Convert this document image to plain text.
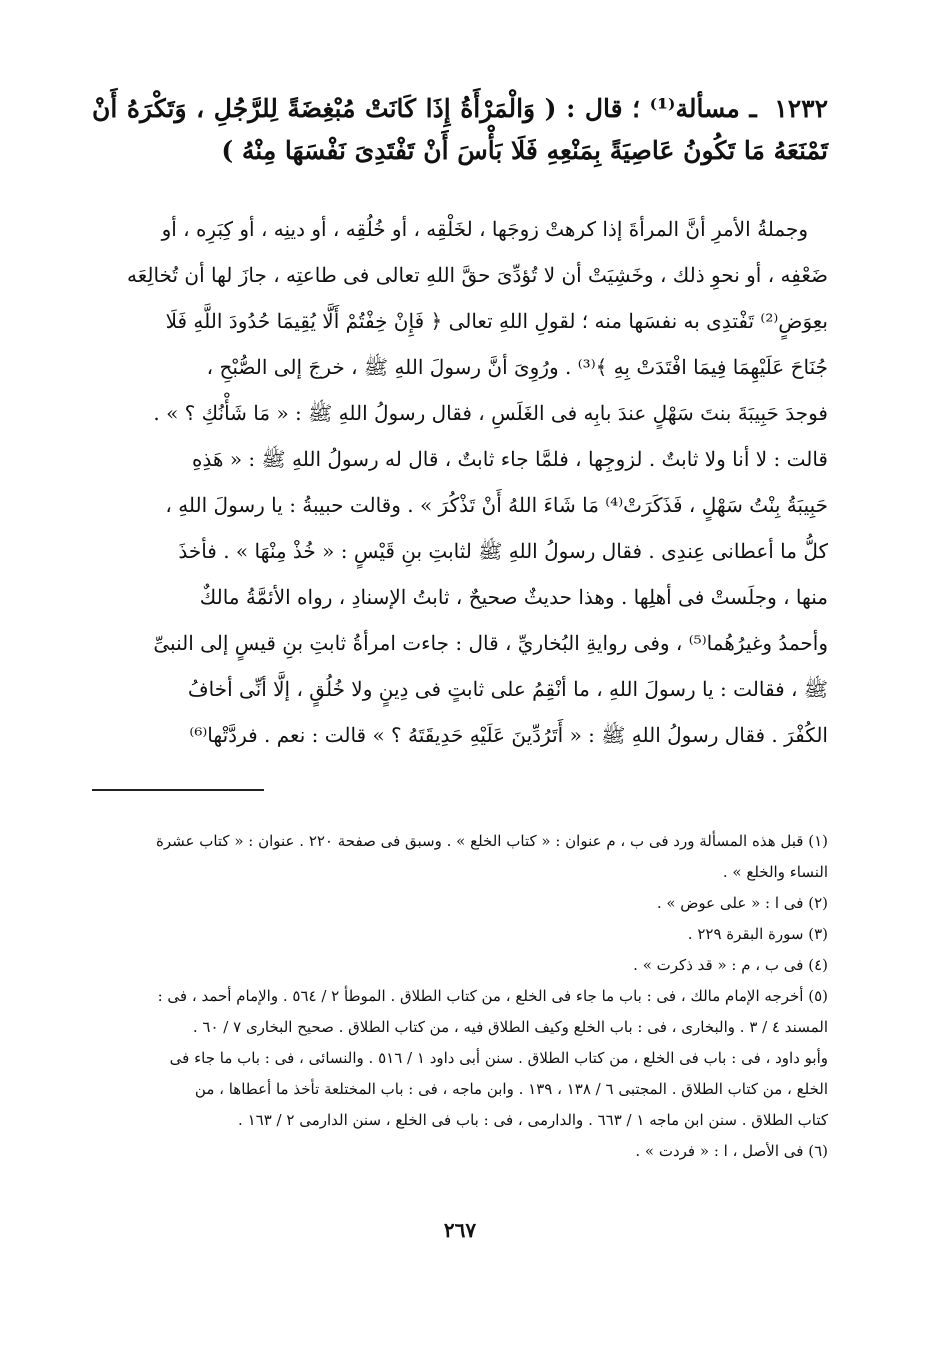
١٢٣٢ ـ مسألة⁽¹⁾ ؛ قال : ( وَالْمَرْأَةُ إِذَا كَانَتْ مُبْغِضَةً لِلرَّجُلِ ، وَتَكْرَهُ أَنْ تَمْنَعَهُ مَا تَكُونُ عَاصِيَةً بِمَنْعِهِ فَلَا بَأْسَ أَنْ تَفْتَدِىَ نَفْسَهَا مِنْهُ )
وجملةُ الأمرِ أنَّ المرأةَ إذا كرهتْ زوجَها ، لخَلْقِه ، أو خُلُقِه ، أو دينِه ، أو كِبَرِه ، أو
ضَعْفِه ، أو نحوِ ذلك ، وخَشِيَتْ أن لا تُؤدِّىَ حقَّ اللهِ تعالى فى طاعتِه ، جازَ لها أن تُخالِعَه
بعِوَضٍ⁽²⁾ تَفْتدِى به نفسَها منه ؛ لقولِ اللهِ تعالى ﴿ فَإِنْ خِفْتُمْ أَلَّا يُقِيمَا حُدُودَ اللَّهِ فَلَا
جُنَاحَ عَلَيْهِمَا فِيمَا افْتَدَتْ بِهِ ﴾⁽³⁾ . ورُوِىَ أنَّ رسولَ اللهِ ﷺ ، خرجَ إلى الصُّبْحِ ،
فوجدَ حَبِيبَةَ بنتَ سَهْلٍ عندَ بابِه فى الغَلَسِ ، فقال رسولُ اللهِ ﷺ : « مَا شَأْنُكِ ؟ » .
قالت : لا أنا ولا ثابتٌ . لزوجِها ، فلمَّا جاء ثابتٌ ، قال له رسولُ اللهِ ﷺ : « هَذِهِ
حَبِيبَةُ بِنْتُ سَهْلٍ ، فَذَكَرَتْ⁽⁴⁾ مَا شَاءَ اللهُ أَنْ تَذْكُرَ » . وقالت حبيبةُ : يا رسولَ اللهِ ،
كلُّ ما أعطانى عِندِى . فقال رسولُ اللهِ ﷺ لثابتِ بنِ قَيْسٍ : « خُذْ مِنْهَا » . فأخذَ
منها ، وجلَستْ فى أهلِها . وهذا حديثٌ صحيحٌ ، ثابتُ الإسنادِ ، رواه الأئمَّةُ مالكٌ
وأحمدُ وغيرُهُما⁽⁵⁾ ، وفى روايةِ البُخاريِّ ، قال : جاءت امرأةُ ثابتِ بنِ قيسٍ إلى النبىِّ
ﷺ ، فقالت : يا رسولَ اللهِ ، ما أنْقِمُ على ثابتٍ فى دِينٍ ولا خُلُقٍ ، إلَّا أنِّى أخافُ
الكُفْرَ . فقال رسولُ اللهِ ﷺ : « أَتَرُدِّينَ عَلَيْهِ حَدِيقَتَهُ ؟ » قالت : نعم . فردَّتْها⁽⁶⁾
(١) قبل هذه المسألة ورد فى ب ، م عنوان : « كتاب الخلع » . وسبق فى صفحة ٢٢٠ . عنوان : « كتاب عشرة
النساء والخلع » .
(٢) فى ا : « على عوض » .
(٣) سورة البقرة ٢٢٩ .
(٤) فى ب ، م : « قد ذكرت » .
(٥) أخرجه الإمام مالك ، فى : باب ما جاء فى الخلع ، من كتاب الطلاق . الموطأ ٢ / ٥٦٤ . والإمام أحمد ، فى :
المسند ٤ / ٣ . والبخارى ، فى : باب الخلع وكيف الطلاق فيه ، من كتاب الطلاق . صحيح البخارى ٧ / ٦٠ .
وأبو داود ، فى : باب فى الخلع ، من كتاب الطلاق . سنن أبى داود ١ / ٥١٦ . والنسائى ، فى : باب ما جاء فى
الخلع ، من كتاب الطلاق . المجتبى ٦ / ١٣٨ ، ١٣٩ . وابن ماجه ، فى : باب المختلعة تأخذ ما أعطاها ، من
كتاب الطلاق . سنن ابن ماجه ١ / ٦٦٣ . والدارمى ، فى : باب فى الخلع ، سنن الدارمى ٢ / ١٦٣ .
(٦) فى الأصل ، ا : « فردت » .
٢٦٧
